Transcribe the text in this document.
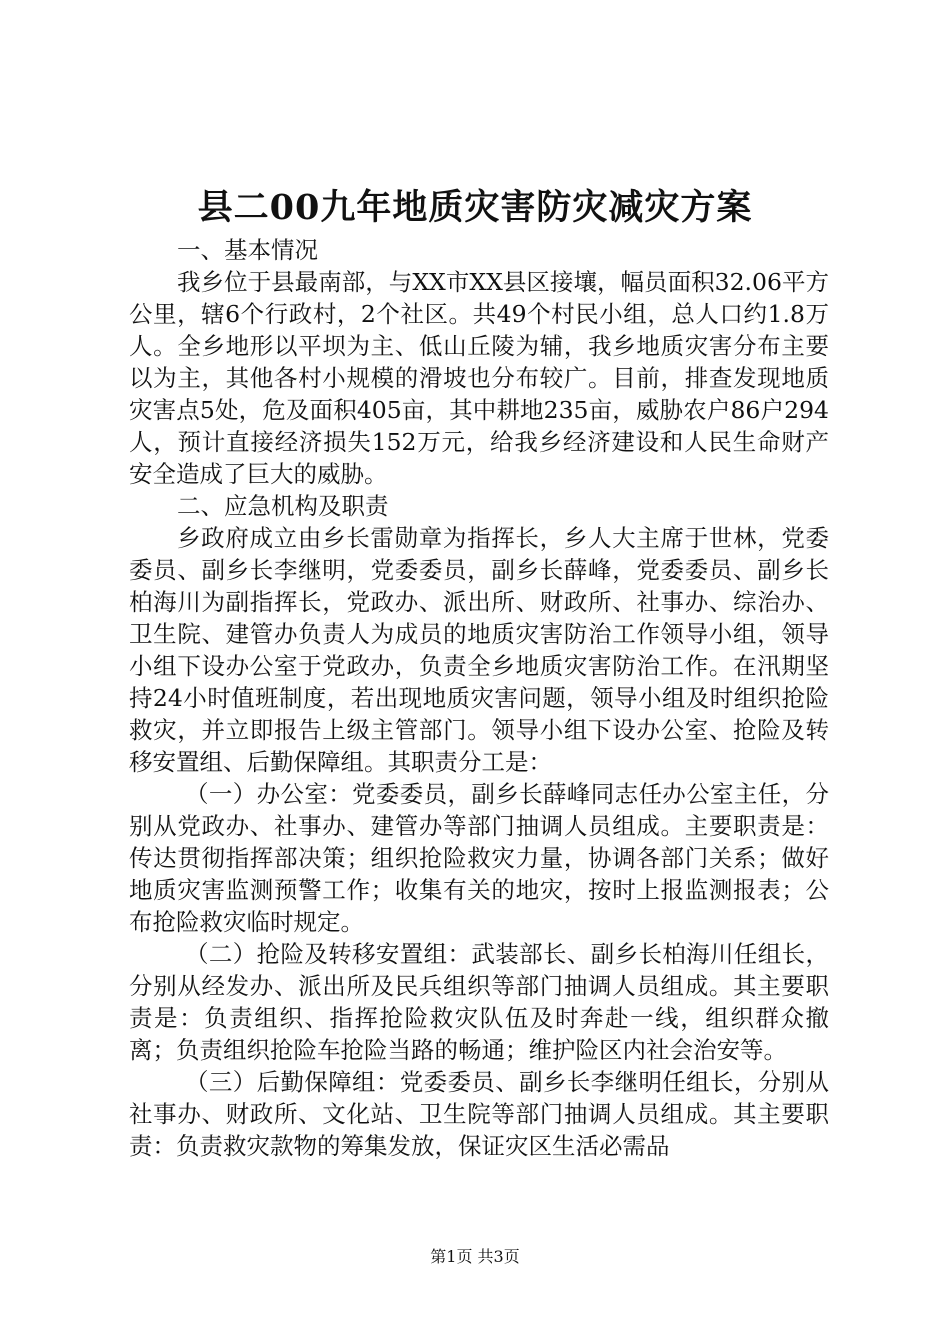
县二00九年地质灾害防灾减灾方案

一、基本情况

我乡位于县最南部，与XX市XX县区接壤，幅员面积32.06平方公里，辖6个行政村，2个社区。共49个村民小组，总人口约1.8万人。全乡地形以平坝为主、低山丘陵为辅，我乡地质灾害分布主要以为主，其他各村小规模的滑坡也分布较广。目前，排查发现地质灾害点5处，危及面积405亩，其中耕地235亩，威胁农户86户294人，预计直接经济损失152万元，给我乡经济建设和人民生命财产安全造成了巨大的威胁。

二、应急机构及职责

乡政府成立由乡长雷勋章为指挥长，乡人大主席于世林，党委委员、副乡长李继明，党委委员，副乡长薛峰，党委委员、副乡长柏海川为副指挥长，党政办、派出所、财政所、社事办、综治办、卫生院、建管办负责人为成员的地质灾害防治工作领导小组，领导小组下设办公室于党政办，负责全乡地质灾害防治工作。在汛期坚持24小时值班制度，若出现地质灾害问题，领导小组及时组织抢险救灾，并立即报告上级主管部门。领导小组下设办公室、抢险及转移安置组、后勤保障组。其职责分工是：

（一）办公室：党委委员，副乡长薛峰同志任办公室主任，分别从党政办、社事办、建管办等部门抽调人员组成。主要职责是：传达贯彻指挥部决策；组织抢险救灾力量，协调各部门关系；做好地质灾害监测预警工作；收集有关的地灾，按时上报监测报表；公布抢险救灾临时规定。

（二）抢险及转移安置组：武装部长、副乡长柏海川任组长，分别从经发办、派出所及民兵组织等部门抽调人员组成。其主要职责是：负责组织、指挥抢险救灾队伍及时奔赴一线，组织群众撤离；负责组织抢险车抢险当路的畅通；维护险区内社会治安等。

（三）后勤保障组：党委委员、副乡长李继明任组长，分别从社事办、财政所、文化站、卫生院等部门抽调人员组成。其主要职责：负责救灾款物的筹集发放，保证灾区生活必需品

第1页 共3页
